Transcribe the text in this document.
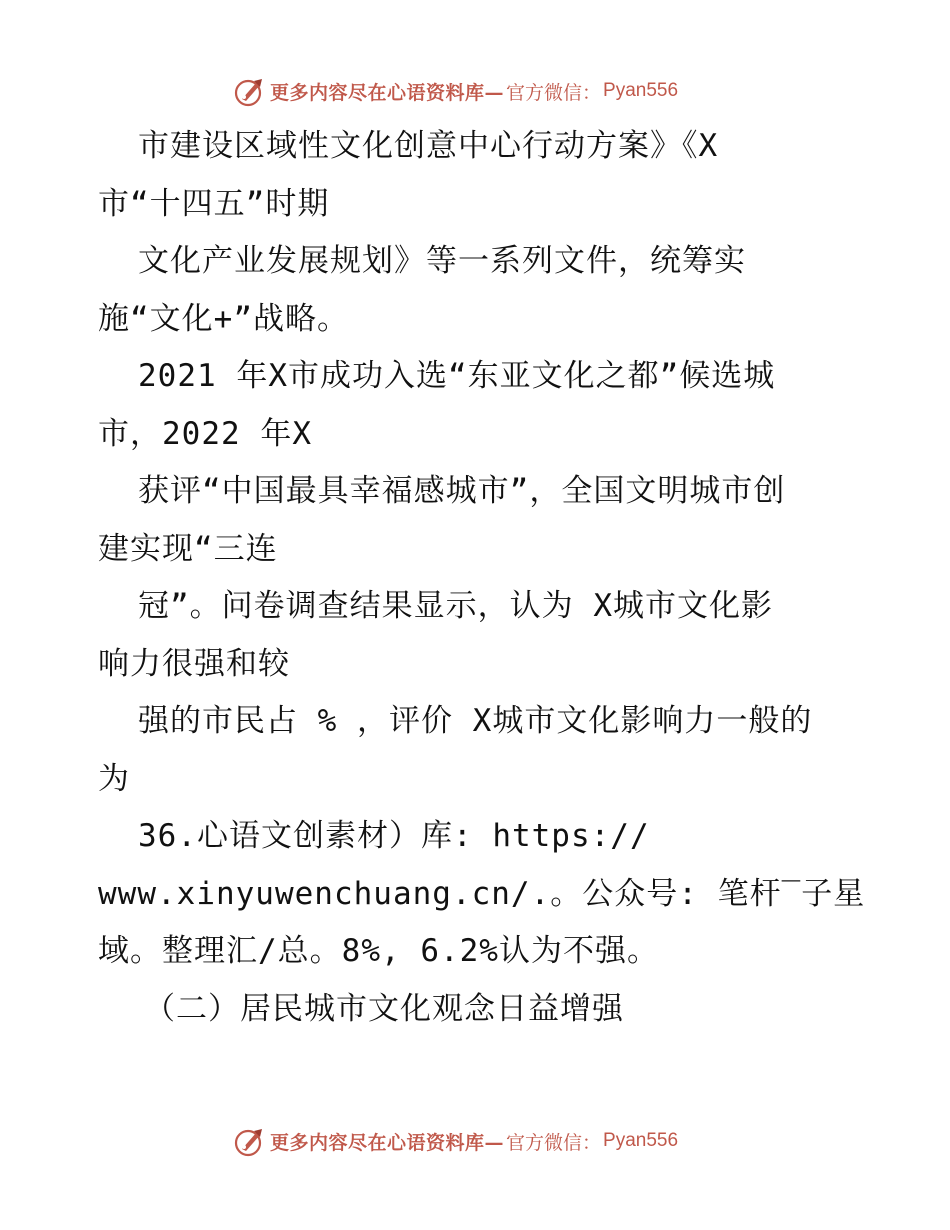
更多内容尽在心语资料库— 官方微信： Pyan556
市建设区域性文化创意中心行动方案》《X
市“十四五”时期
文化产业发展规划》等一系列文件，统筹实
施“文化+”战略。
2021 年X市成功入选“东亚文化之都”候选城
市，2022 年X
获评“中国最具幸福感城市”，全国文明城市创
建实现“三连
冠”。问卷调查结果显示，认为 X城市文化影
响力很强和较
强的市民占 % ，评价 X城市文化影响力一般的
为
36.心语文创素材）库: https://
www.xinyuwenchuang.cn/.。公众号: 笔杆‾子星
域。整理汇/总。8%, 6.2%认为不强。
（二）居民城市文化观念日益增强
更多内容尽在心语资料库— 官方微信： Pyan556
